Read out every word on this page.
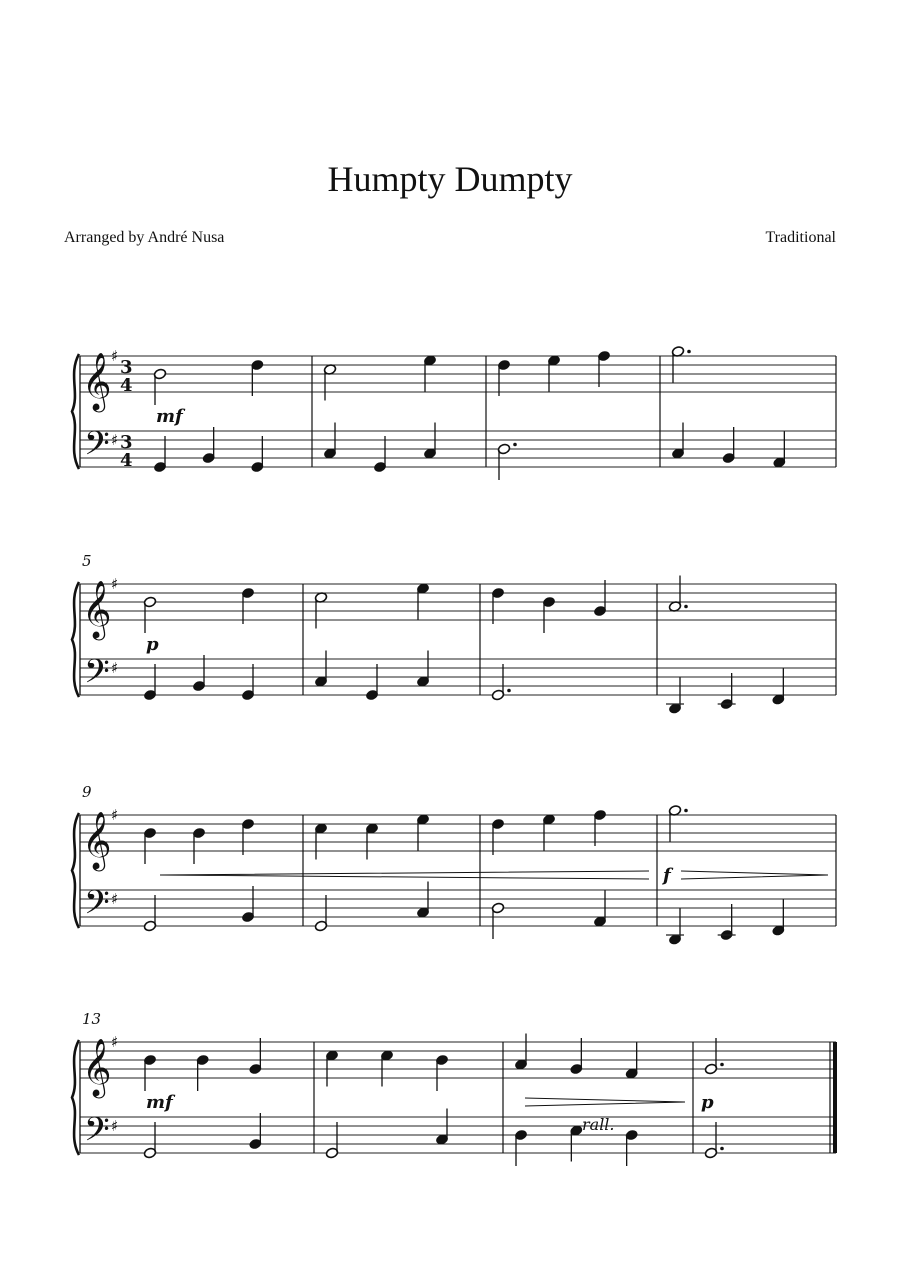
Humpty Dumpty
Arranged by André Nusa	Traditional
𝄞
𝄢
♯
♯
3
4
3
4
mf
5
𝄞
𝄢
♯
♯
p
9
𝄞
𝄢
♯
♯
f
13
𝄞
𝄢
♯
♯
mf	p
rall.
